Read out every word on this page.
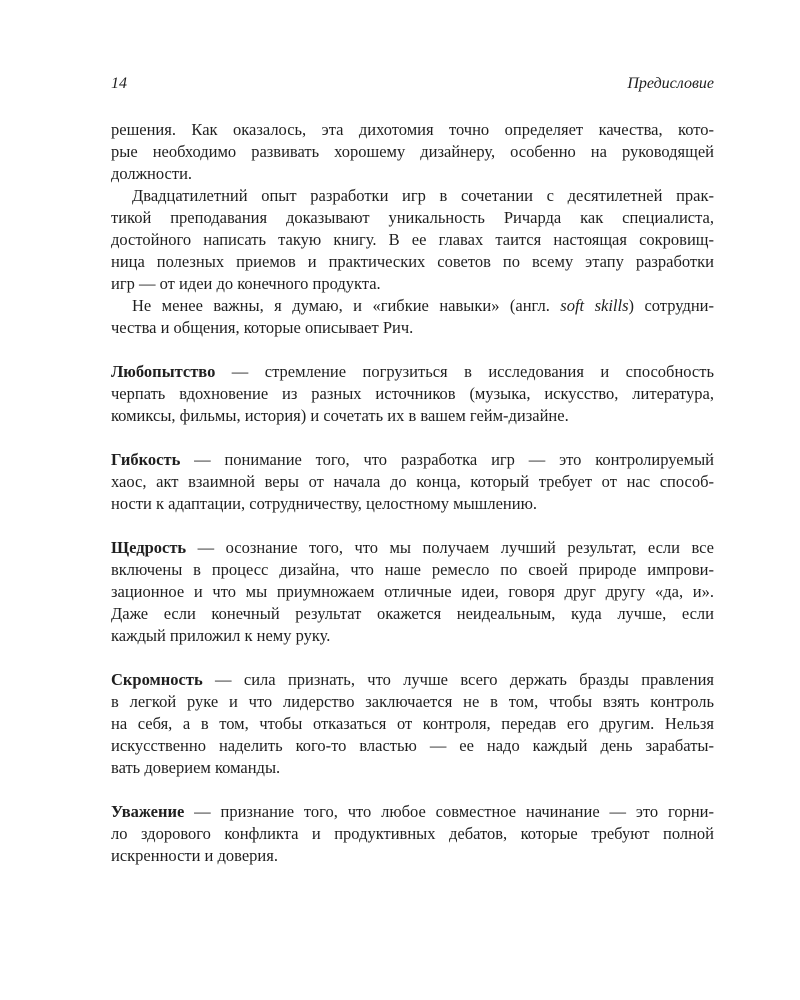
14	Предисловие
решения. Как оказалось, эта дихотомия точно определяет качества, кото-
рые необходимо развивать хорошему дизайнеру, особенно на руководящей
должности.
Двадцатилетний опыт разработки игр в сочетании с десятилетней прак-
тикой преподавания доказывают уникальность Ричарда как специалиста,
достойного написать такую книгу. В ее главах таится настоящая сокровищ-
ница полезных приемов и практических советов по всему этапу разработки
игр — от идеи до конечного продукта.
Не менее важны, я думаю, и «гибкие навыки» (англ. soft skills) сотрудни-
чества и общения, которые описывает Рич.
Любопытство — стремление погрузиться в исследования и способность
черпать вдохновение из разных источников (музыка, искусство, литература,
комиксы, фильмы, история) и сочетать их в вашем гейм-дизайне.
Гибкость — понимание того, что разработка игр — это контролируемый
хаос, акт взаимной веры от начала до конца, который требует от нас способ-
ности к адаптации, сотрудничеству, целостному мышлению.
Щедрость — осознание того, что мы получаем лучший результат, если все
включены в процесс дизайна, что наше ремесло по своей природе импрови-
зационное и что мы приумножаем отличные идеи, говоря друг другу «да, и».
Даже если конечный результат окажется неидеальным, куда лучше, если
каждый приложил к нему руку.
Скромность — сила признать, что лучше всего держать бразды правления
в легкой руке и что лидерство заключается не в том, чтобы взять контроль
на себя, а в том, чтобы отказаться от контроля, передав его другим. Нельзя
искусственно наделить кого-то властью — ее надо каждый день зарабаты-
вать доверием команды.
Уважение — признание того, что любое совместное начинание — это горни-
ло здорового конфликта и продуктивных дебатов, которые требуют полной
искренности и доверия.
